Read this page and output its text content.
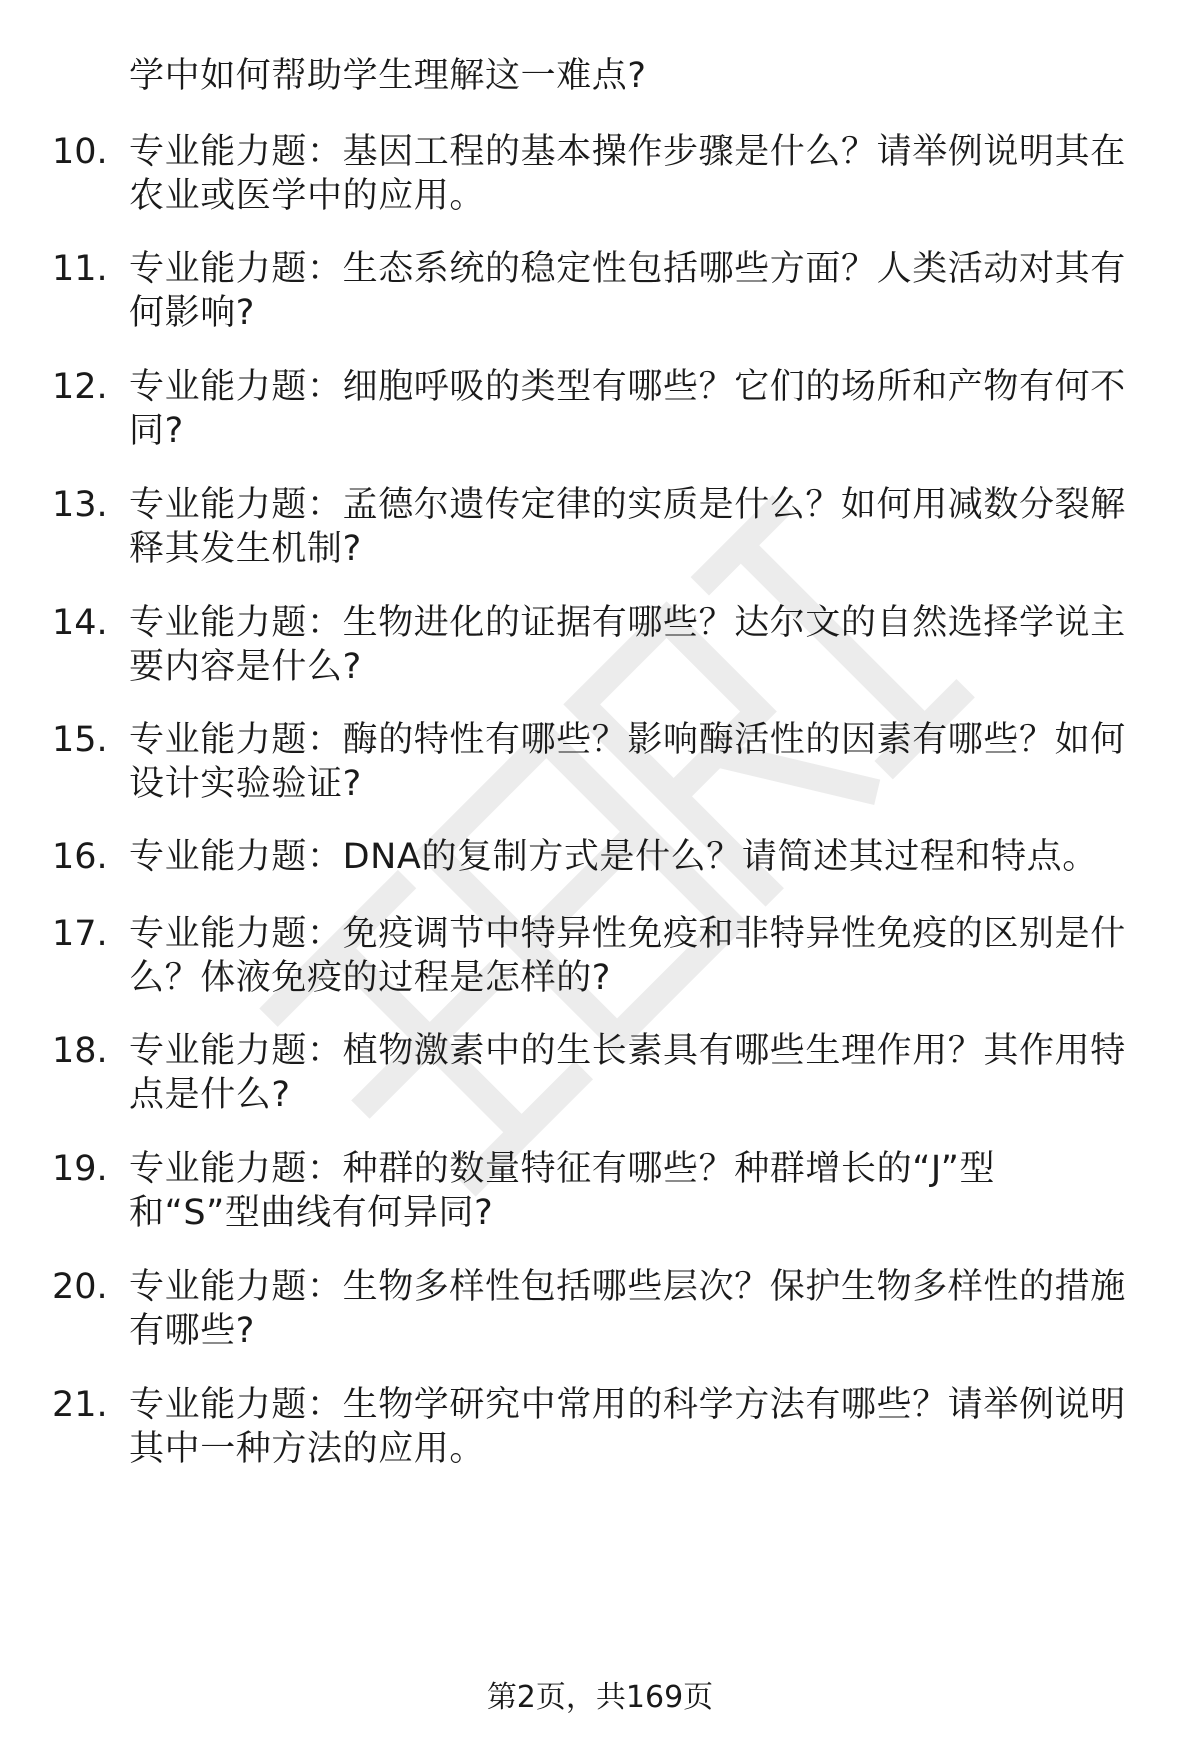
学中如何帮助学生理解这一难点?
10. 专业能力题：基因工程的基本操作步骤是什么？请举例说明其在
农业或医学中的应用。
11. 专业能力题：生态系统的稳定性包括哪些方面？人类活动对其有
何影响?
12. 专业能力题：细胞呼吸的类型有哪些？它们的场所和产物有何不
同?
13. 专业能力题：孟德尔遗传定律的实质是什么？如何用减数分裂解
释其发生机制?
14. 专业能力题：生物进化的证据有哪些？达尔文的自然选择学说主
要内容是什么?
15. 专业能力题：酶的特性有哪些？影响酶活性的因素有哪些？如何
设计实验验证?
16. 专业能力题：DNA的复制方式是什么？请简述其过程和特点。
17. 专业能力题：免疫调节中特异性免疫和非特异性免疫的区别是什
么？体液免疫的过程是怎样的?
18. 专业能力题：植物激素中的生长素具有哪些生理作用？其作用特
点是什么?
19. 专业能力题：种群的数量特征有哪些？种群增长的“J”型
和“S”型曲线有何异同?
20. 专业能力题：生物多样性包括哪些层次？保护生物多样性的措施
有哪些?
21. 专业能力题：生物学研究中常用的科学方法有哪些？请举例说明
其中一种方法的应用。
第2页，共169页
